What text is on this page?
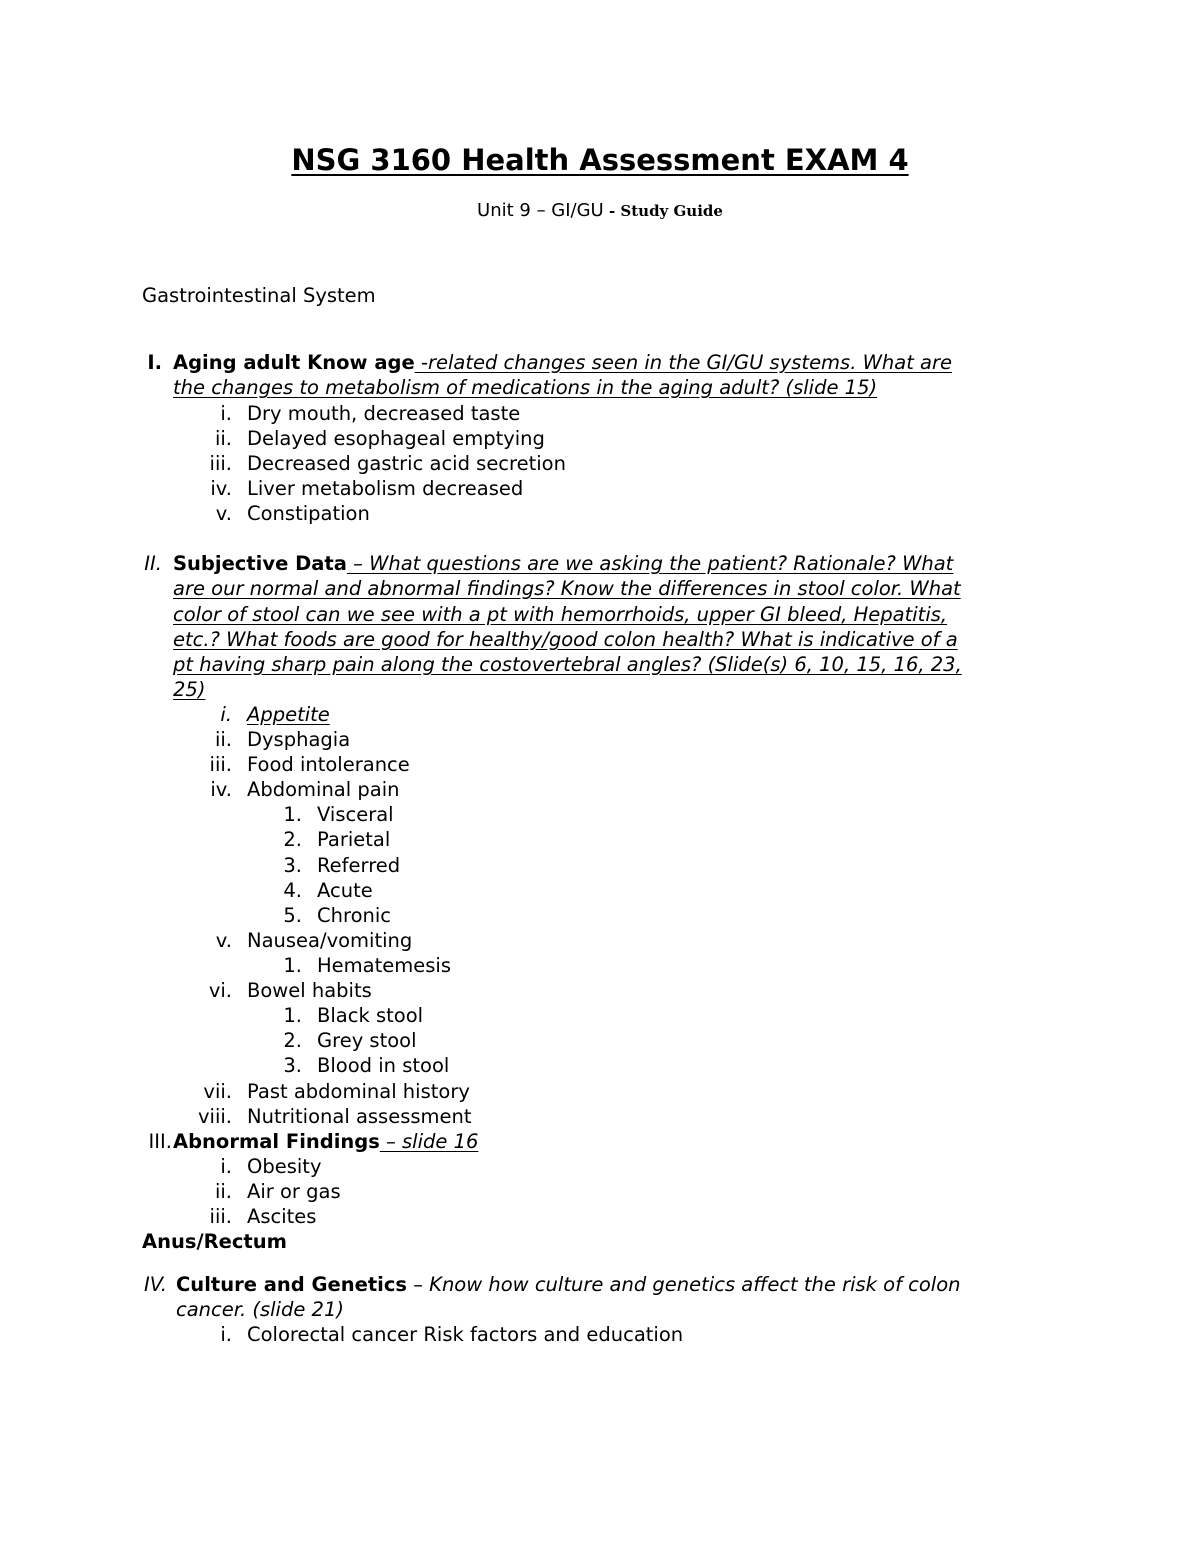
NSG 3160 Health Assessment EXAM 4
Unit 9 – GI/GU - Study Guide
Gastrointestinal System
I. Aging adult Know age -related changes seen in the GI/GU systems. What are
the changes to metabolism of medications in the aging adult? (slide 15)
i. Dry mouth, decreased taste
ii. Delayed esophageal emptying
iii. Decreased gastric acid secretion
iv. Liver metabolism decreased
v. Constipation
II. Subjective Data – What questions are we asking the patient? Rationale? What
are our normal and abnormal findings? Know the differences in stool color. What
color of stool can we see with a pt with hemorrhoids, upper GI bleed, Hepatitis,
etc.? What foods are good for healthy/good colon health? What is indicative of a
pt having sharp pain along the costovertebral angles? (Slide(s) 6, 10, 15, 16, 23,
25)
i. Appetite
ii. Dysphagia
iii. Food intolerance
iv. Abdominal pain
1. Visceral
2. Parietal
3. Referred
4. Acute
5. Chronic
v. Nausea/vomiting
1. Hematemesis
vi. Bowel habits
1. Black stool
2. Grey stool
3. Blood in stool
vii. Past abdominal history
viii. Nutritional assessment
III. Abnormal Findings – slide 16
i. Obesity
ii. Air or gas
iii. Ascites
Anus/Rectum
IV. Culture and Genetics – Know how culture and genetics affect the risk of colon
cancer. (slide 21)
i. Colorectal cancer Risk factors and education
